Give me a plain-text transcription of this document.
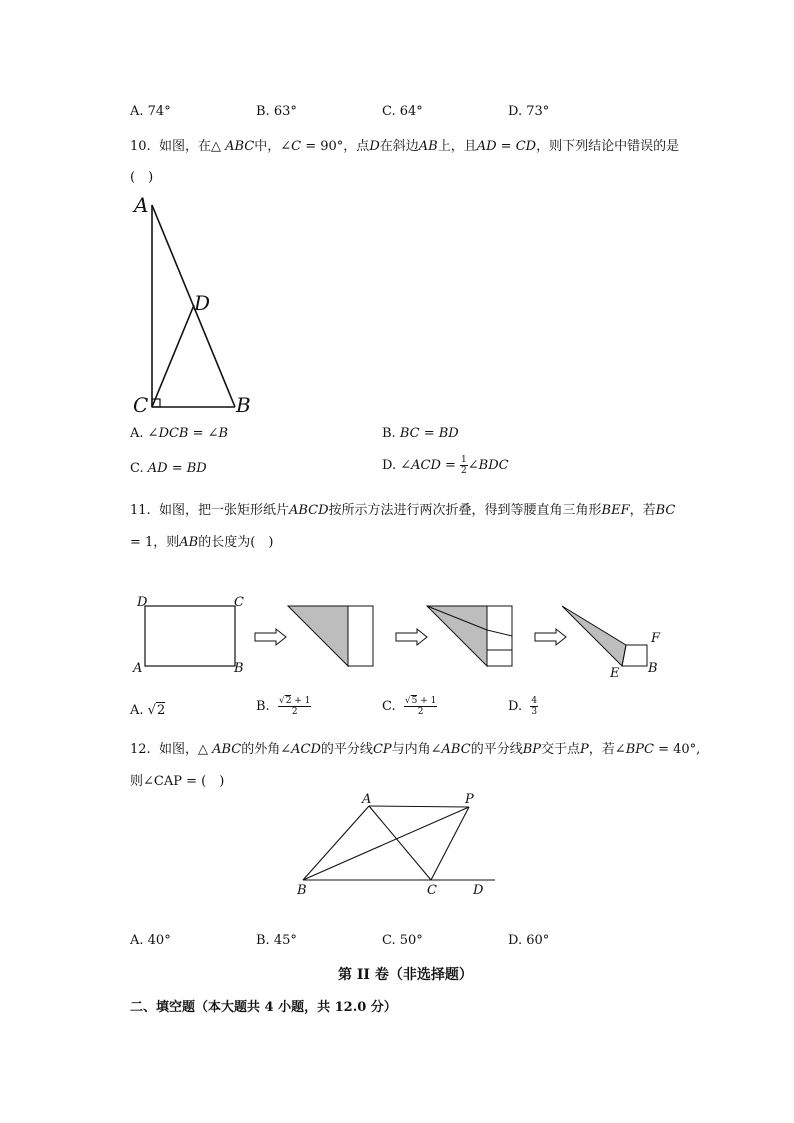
A. 74°	B. 63°	C. 64°	D. 73°
10. 如图，在△ ABC中，∠C = 90°，点D在斜边AB上，且AD = CD，则下列结论中错误的是
(　)
A
D
C	B
A. ∠DCB = ∠B	B. BC = BD
C. AD = BD	D. ∠ACD = $\frac{1}{2}$ ∠BDC
11. 如图，把一张矩形纸片ABCD按所示方法进行两次折叠，得到等腰直角三角形BEF，若BC
= 1，则AB的长度为(　)
D	C
A	B
F
E B
A. √2	B. $\frac{√2 + 1}{2}$	C. $\frac{√5 + 1}{2}$	D. $\frac{4}{3}$
12. 如图，△ ABC的外角∠ACD的平分线CP与内角∠ABC的平分线BP交于点P，若∠BPC = 40°,
则∠CAP = (　)
A	P
B	C	D
A. 40°	B. 45°	C. 50°	D. 60°
第 II 卷（非选择题）
二、填空题（本大题共 4 小题，共 12.0 分）
